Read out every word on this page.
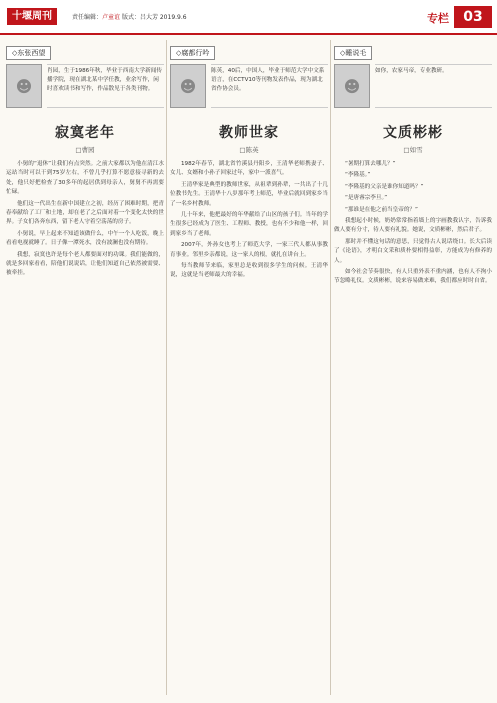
十堰周刊	责任编辑：卢童谊 版式：吕大芳 2019.9.6	专栏	03
◇东张西望
☻
肖园，生于1986年秋，毕业于西南大学新闻传播学院，现在湖北某中学任教，业余写作，闲时喜欢读书和写作，作品散见于各类刊物。
寂寞老年
□曹园

小舅的“退休”让我们有点突然。之前大家都以为他在清江水运站当时可以干到75岁左右，不曾几乎打算不愿意接寻新的去处，他只好把检查了30多年的起居供到母亲人，舅舅不再需要忙碌。

他们这一代出生在新中国建立之初，经历了困难时期，把青春奉献给了工厂和土地，却在老了之后面对着一个变化太快的世界。子女们各奔东西，留下老人守着空荡荡的房子。

小舅说，早上起来不知道该做什么，中午一个人吃饭，晚上看看电视就睡了。日子像一潭死水，没有波澜也没有期待。

我想，寂寞也许是每个老人都要面对的功课。我们能做的，就是多回家看看，陪他们说说话，让他们知道自己依然被需要、被牵挂。

◇腐都行吟
☻
陈英，40后，中国人，毕业于师范大学中文系语言，在CCTV10等刊物发表作品，现为湖北省作协会员。
教师世家
□陈英

1982年春节，湖北省竹溪县丹阳乡，王清华老师携妻子、女儿、女婿和小孙子回家过年，家中一派喜气。

王清华家是典型的教师世家，从祖辈到孙辈，一共出了十几位教书先生。王清华十八岁那年考上师范，毕业后就回到家乡当了一名乡村教师。

几十年来，他把最好的年华献给了山区的孩子们。当年的学生很多已经成为了医生、工程师、教授，也有不少和他一样，回到家乡当了老师。

2007年，外孙女也考上了师范大学，一家三代人都从事教育事业。邻里乡亲都说，这一家人的根，就扎在讲台上。

每当教师节来临，家里总是收到很多学生的问候。王清华说，这就是当老师最大的幸福。

◇睡说毛
☻
如你，农家马帝，专业教研。
文质彬彬
□如雪

“暑期打算去哪儿？”

“李隆基。”

“李隆基的父亲是谁你知道吗？”

“是唐睿宗李旦。”

“那谁是在他之前当皇帝的？”

我想起小时候，奶奶常常指着墙上的字画教我认字，告诉我做人要有分寸，待人要有礼貌。她说，文质彬彬，然后君子。

那时并不懂这句话的意思，只觉得古人说话绕口。长大后读了《论语》，才明白文采和质朴要相得益彰，方能成为有修养的人。

如今社会节奏很快，有人只重外表不重内涵，也有人不拘小节忽略礼仪。文质彬彬，说来容易做来难，我们都应时时自省。
